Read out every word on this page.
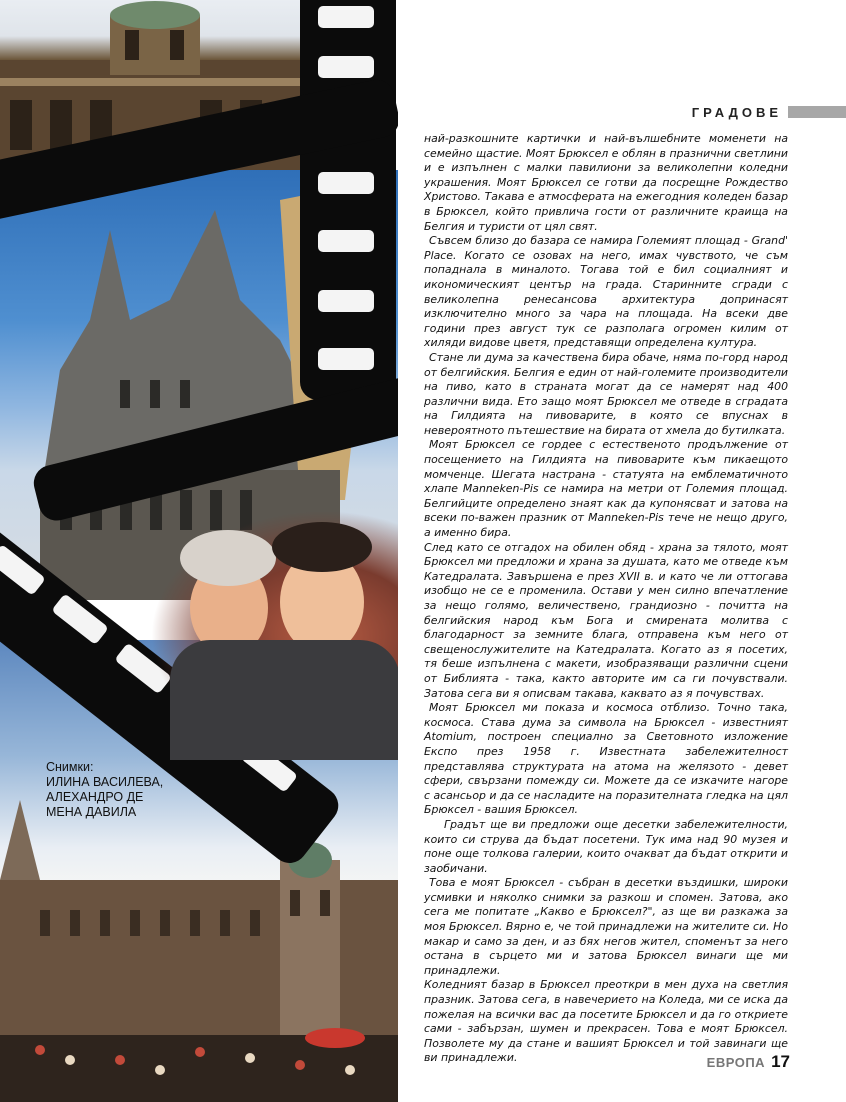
Снимки:
ИЛИНА ВАСИЛЕВА,
АЛЕХАНДРО ДЕ
МЕНА ДАВИЛА
ГРАДОВЕ

най-разкошните картички и най-вълшебните моменети на семейно щастие. Моят Брюксел е облян в празнични светлини и е изпълнен с малки павилиони за великолепни коледни украшения. Моят Брюксел се готви да посрещне Рождество Христово. Такава е атмосферата на ежегодния коледен базар в Брюксел, който привлича гости от различните краища на Белгия и туристи от цял свят.

Съвсем близо до базара се намира Големият площад - Grand' Place. Когато се озовах на него, имах чувството, че съм попаднала в миналото. Тогава той е бил социалният и икономическият център на града. Старинните сгради с великолепна ренесансова архитектура допринасят изключително много за чара на площада. На всеки две години през август тук се разполага огромен килим от хиляди видове цветя, представящи определена култура.

Стане ли дума за качествена бира обаче, няма по-горд народ от белгийския. Белгия е един от най-големите производители на пиво, като в страната могат да се намерят над 400 различни вида. Ето защо моят Брюксел ме отведе в сградата на Гилдията на пивоварите, в която се впуснах в невероятното пътешествие на бирата от хмела до бутилката.

Моят Брюксел се гордее с естественото продължение от посещението на Гилдията на пивоварите към пикаещото момченце. Шегата настрана - статуята на емблематичното хлапе Manneken-Pis се намира на метри от Големия площад. Белгийците определено знаят как да купонясват и затова на всеки по-важен празник от Manneken-Pis тече не нещо друго, а именно бира.

След като се отгадох на обилен обяд - храна за тялото, моят Брюксел ми предложи и храна за душата, като ме отведе към Катедралата. Завършена е през XVII в. и като че ли оттогава изобщо не се е променила. Остави у мен силно впечатление за нещо голямо, величествено, грандиозно - почитта на белгийския народ към Бога и смирената молитва с благодарност за земните блага, отправена към него от свещенослужителите на Катедралата. Когато аз я посетих, тя беше изпълнена с макети, изобразяващи различни сцени от Библията - така, както авторите им са ги почувствали. Затова сега ви я описвам такава, каквато аз я почувствах.

Моят Брюксел ми показа и космоса отблизо. Точно така, космоса. Става дума за символа на Брюксел - известният Atomium, построен специално за Световното изложение Експо през 1958 г. Известната забележителност представлява структурата на атома на желязото - девет сфери, свързани помежду си. Можете да се изкачите нагоре с асансьор и да се насладите на поразителната гледка на цял Брюксел - вашия Брюксел.

Градът ще ви предложи още десетки забележителности, които си струва да бъдат посетени. Тук има над 90 музея и поне още толкова галерии, които очакват да бъдат открити и заобичани.

Това е моят Брюксел - събран в десетки въздишки, широки усмивки и няколко снимки за разкош и спомен. Затова, ако сега ме попитате „Какво е Брюксел?", аз ще ви разкажа за моя Брюксел. Вярно е, че той принадлежи на жителите си. Но макар и само за ден, и аз бях негов жител, споменът за него остана в сърцето ми и затова Брюксел винаги ще ми принадлежи.

Коледният базар в Брюксел преоткри в мен духа на светлия празник. Затова сега, в навечерието на Коледа, ми се иска да пожелая на всички вас да посетите Брюксел и да го откриете сами - забързан, шумен и прекрасен. Това е моят Брюксел. Позволете му да стане и вашият Брюксел и той завинаги ще ви принадлежи.	ЕВРОПА 17
